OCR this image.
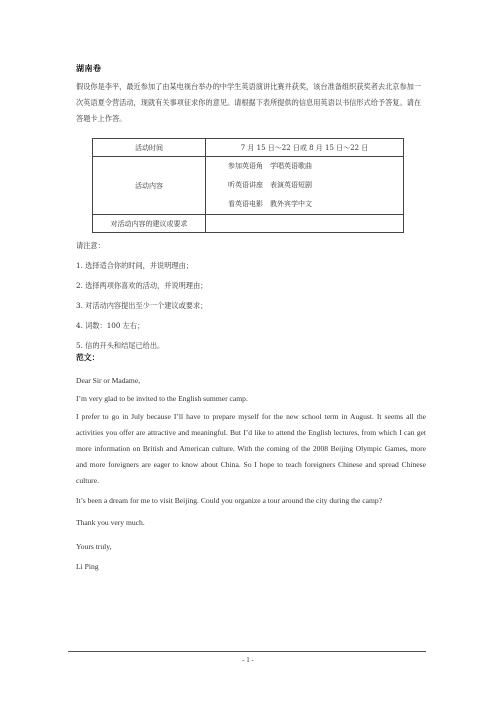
湖南卷

假设你是李平，最近参加了由某电视台举办的中学生英语演讲比赛并获奖，该台准备组织获奖者去北京参加一次英语夏令营活动，现就有关事项征求你的意见。请根据下表所提供的信息用英语以书信形式给予答复。请在答题卡上作答。

活动时间	7 月 15 日～22 日或 8 月 15 日～22 日
活动内容	参加英语角　学唱英语歌曲
听英语讲座　表演英语短剧
看英语电影　教外宾学中文

对活动内容的建议或要求	
请注意：
1. 选择适合你的时间，并说明理由；
2. 选择两项你喜欢的活动，并说明理由；
3. 对活动内容提出至少一个建议或要求；
4. 词数：100 左右；
5. 信的开头和结尾已给出。
范文：

Dear Sir or Madame,

I’m very glad to be invited to the English summer camp.

I prefer to go in July because I’ll have to prepare myself for the new school term in August. It seems all the activities you offer are attractive and meaningful. But I’d like to attend the English lectures, from which I can get more information on British and American culture. With the coming of the 2008 Beijing Olympic Games, more and more foreigners are eager to know about China. So I hope to teach foreigners Chinese and spread Chinese culture.

It’s been a dream for me to visit Beijing. Could you organize a tour around the city during the camp?

Thank you very much.

Yours truly,

Li Ping

- 1 -
